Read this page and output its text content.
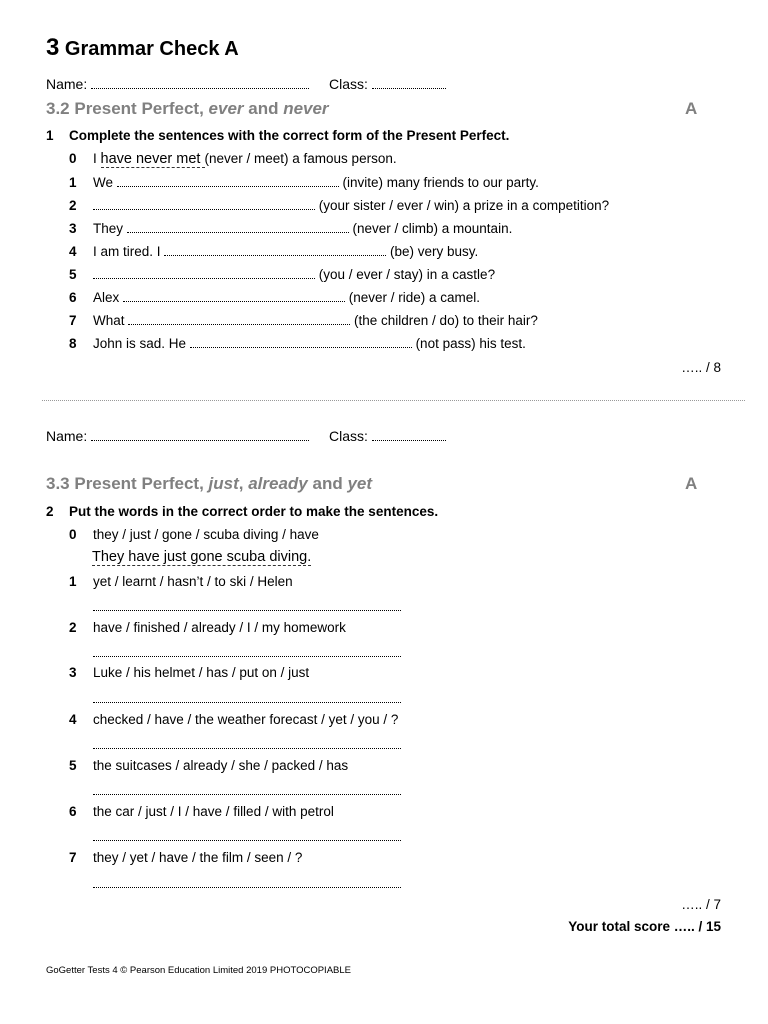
3 Grammar Check A
Name:	Class:
3.2 Present Perfect, ever and never	A
1 Complete the sentences with the correct form of the Present Perfect.
0 I have never met (never / meet) a famous person.
1 We	(invite) many friends to our party.
2	(your sister / ever / win) a prize in a competition?
3 They	(never / climb) a mountain.
4 I am tired. I	(be) very busy.
5	(you / ever / stay) in a castle?
6 Alex	(never / ride) a camel.
7 What	(the children / do) to their hair?
8 John is sad. He	(not pass) his test.
….. / 8
Name:	Class:
3.3 Present Perfect, just, already and yet	A
2 Put the words in the correct order to make the sentences.
0 they / just / gone / scuba diving / have
They have just gone scuba diving.
1 yet / learnt / hasn’t / to ski / Helen
2 have / finished / already / I / my homework
3 Luke / his helmet / has / put on / just
4 checked / have / the weather forecast / yet / you / ?
5 the suitcases / already / she / packed / has
6 the car / just / I / have / filled / with petrol
7 they / yet / have / the film / seen / ?
….. / 7
Your total score ….. / 15
GoGetter Tests 4 © Pearson Education Limited 2019 PHOTOCOPIABLE
